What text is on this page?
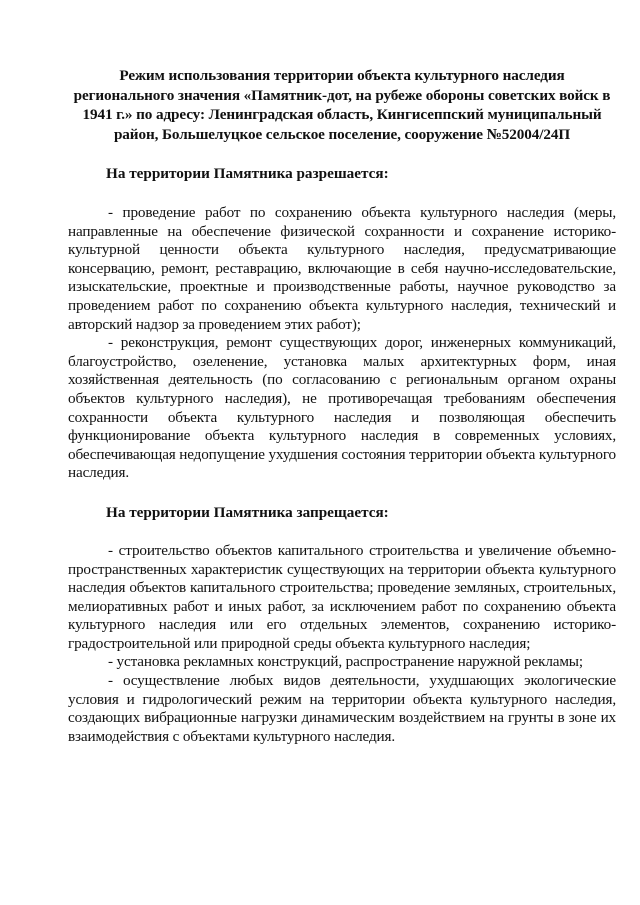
Режим использования территории объекта культурного наследия регионального значения «Памятник-дот, на рубеже обороны советских войск в 1941 г.» по адресу: Ленинградская область, Кингисеппский муниципальный район, Большелуцкое сельское поселение, сооружение №52004/24П
На территории Памятника разрешается:

- проведение работ по сохранению объекта культурного наследия (меры, направленные на обеспечение физической сохранности и сохранение историко-культурной ценности объекта культурного наследия, предусматривающие консервацию, ремонт, реставрацию, включающие в себя научно-исследовательские, изыскательские, проектные и производственные работы, научное руководство за проведением работ по сохранению объекта культурного наследия, технический и авторский надзор за проведением этих работ);

- реконструкция, ремонт существующих дорог, инженерных коммуникаций, благоустройство, озеленение, установка малых архитектурных форм, иная хозяйственная деятельность (по согласованию с региональным органом охраны объектов культурного наследия), не противоречащая требованиям обеспечения сохранности объекта культурного наследия и позволяющая обеспечить функционирование объекта культурного наследия в современных условиях, обеспечивающая недопущение ухудшения состояния территории объекта культурного наследия.

На территории Памятника запрещается:

- строительство объектов капитального строительства и увеличение объемно-пространственных характеристик существующих на территории объекта культурного наследия объектов капитального строительства; проведение земляных, строительных, мелиоративных работ и иных работ, за исключением работ по сохранению объекта культурного наследия или его отдельных элементов, сохранению историко-градостроительной или природной среды объекта культурного наследия;

- установка рекламных конструкций, распространение наружной рекламы;

- осуществление любых видов деятельности, ухудшающих экологические условия и гидрологический режим на территории объекта культурного наследия, создающих вибрационные нагрузки динамическим воздействием на грунты в зоне их взаимодействия с объектами культурного наследия.
